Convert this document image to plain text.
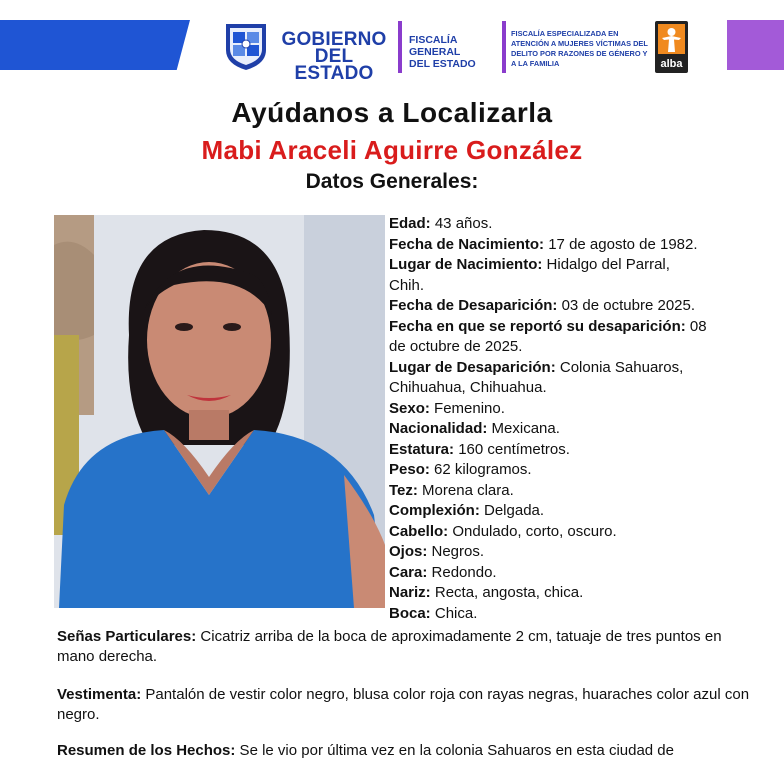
GOBIERNO
DEL ESTADO
FISCALÍA GENERAL
DEL ESTADO
FISCALÍA ESPECIALIZADA EN ATENCIÓN A MUJERES VÍCTIMAS DEL DELITO POR RAZONES DE GÉNERO Y A LA FAMILIA	alba
Ayúdanos a Localizarla
Mabi Araceli Aguirre González
Datos Generales:
Edad: 43 años.
Fecha de Nacimiento: 17 de agosto de 1982.
Lugar de Nacimiento: Hidalgo del Parral, Chih.
Fecha de Desaparición: 03 de octubre 2025.
Fecha en que se reportó su desaparición: 08 de octubre de 2025.
Lugar de Desaparición: Colonia Sahuaros, Chihuahua, Chihuahua.
Sexo: Femenino.
Nacionalidad: Mexicana.
Estatura: 160 centímetros.
Peso: 62 kilogramos.
Tez: Morena clara.
Complexión: Delgada.
Cabello: Ondulado, corto, oscuro.
Ojos: Negros.
Cara: Redondo.
Nariz: Recta, angosta, chica.
Boca: Chica.
Señas Particulares: Cicatriz arriba de la boca de aproximadamente 2 cm, tatuaje de tres puntos en mano derecha.
Vestimenta: Pantalón de vestir color negro, blusa color roja con rayas negras, huaraches color azul con negro.
Resumen de los Hechos: Se le vio por última vez en la colonia Sahuaros en esta ciudad de
